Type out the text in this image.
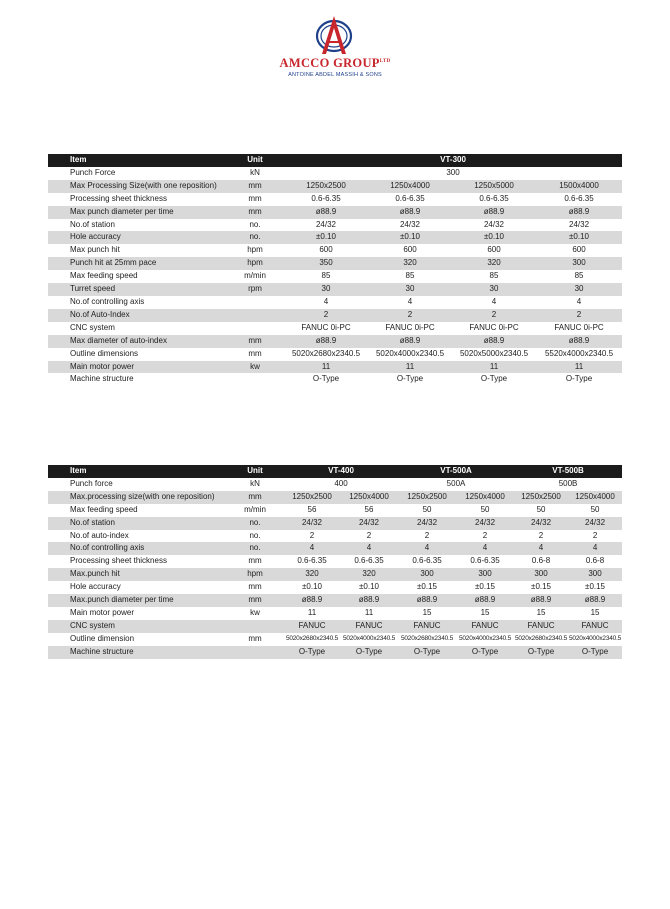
AMCCO $GROUP^{LTD}$
ANTOINE ABDEL MASSIH & SONS
Item	Unit	VT-300			
Punch Force	kN	300			
Max Processing Size(with one reposition)	mm	1250x2500	1250x4000	1250x5000	1500x4000
Processing sheet thickness	mm	0.6-6.35	0.6-6.35	0.6-6.35	0.6-6.35
Max punch diameter per time	mm	ø88.9	ø88.9	ø88.9	ø88.9
No.of station	no.	24/32	24/32	24/32	24/32
Hole accuracy	no.	±0.10	±0.10	±0.10	±0.10
Max punch hit	hpm	600	600	600	600
Punch hit at 25mm pace	hpm	350	320	320	300
Max feeding speed	m/min	85	85	85	85
Turret speed	rpm	30	30	30	30
No.of controlling axis		4	4	4	4
No.of Auto-Index		2	2	2	2
CNC system		FANUC 0i-PC	FANUC 0i-PC	FANUC 0i-PC	FANUC 0i-PC
Max diameter of auto-index	mm	ø88.9	ø88.9	ø88.9	ø88.9
Outline dimensions	mm	5020x2680x2340.5	5020x4000x2340.5	5020x5000x2340.5	5520x4000x2340.5
Main motor power	kw	11	11	11	11
Machine structure		O-Type	O-Type	O-Type	O-Type
Item	Unit	VT-400		VT-500A		VT-500B	
Punch force	kN	400		500A		500B	
Max.processing size(with one reposition)	mm	1250x2500	1250x4000	1250x2500	1250x4000	1250x2500	1250x4000
Max feeding speed	m/min	56	56	50	50	50	50
No.of station	no.	24/32	24/32	24/32	24/32	24/32	24/32
No.of auto-index	no.	2	2	2	2	2	2
No.of controlling axis	no.	4	4	4	4	4	4
Processing sheet thickness	mm	0.6-6.35	0.6-6.35	0.6-6.35	0.6-6.35	0.6-8	0.6-8
Max.punch hit	hpm	320	320	300	300	300	300
Hole accuracy	mm	±0.10	±0.10	±0.15	±0.15	±0.15	±0.15
Max.punch diameter per time	mm	ø88.9	ø88.9	ø88.9	ø88.9	ø88.9	ø88.9
Main motor power	kw	11	11	15	15	15	15
CNC system		FANUC	FANUC	FANUC	FANUC	FANUC	FANUC
Outline dimension	mm	5020x2680x2340.5	5020x4000x2340.5	5020x2680x2340.5	5020x4000x2340.5	5020x2680x2340.5	5020x4000x2340.5
Machine structure		O-Type	O-Type	O-Type	O-Type	O-Type	O-Type
